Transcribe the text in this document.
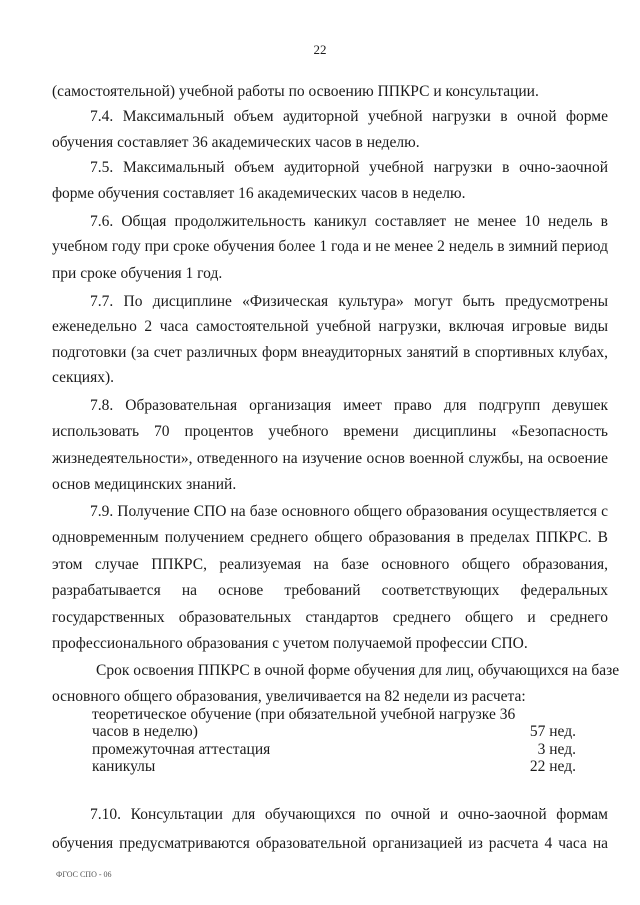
22
(самостоятельной) учебной работы по освоению ППКРС и консультации.
7.4. Максимальный объем аудиторной учебной нагрузки в очной форме
обучения составляет 36 академических часов в неделю.
7.5. Максимальный объем аудиторной учебной нагрузки в очно-заочной
форме обучения составляет 16 академических часов в неделю.
7.6. Общая продолжительность каникул составляет не менее 10 недель в
учебном году при сроке обучения более 1 года и не менее 2 недель в зимний период
при сроке обучения 1 год.
7.7. По дисциплине «Физическая культура» могут быть предусмотрены
еженедельно 2 часа самостоятельной учебной нагрузки, включая игровые виды
подготовки (за счет различных форм внеаудиторных занятий в спортивных клубах,
секциях).
7.8. Образовательная организация имеет право для подгрупп девушек
использовать 70 процентов учебного времени дисциплины «Безопасность
жизнедеятельности», отведенного на изучение основ военной службы, на освоение
основ медицинских знаний.
7.9. Получение СПО на базе основного общего образования осуществляется с
одновременным получением среднего общего образования в пределах ППКРС. В
этом случае ППКРС, реализуемая на базе основного общего образования,
разрабатывается на основе требований соответствующих федеральных
государственных образовательных стандартов среднего общего и среднего
профессионального образования с учетом получаемой профессии СПО.
Срок освоения ППКРС в очной форме обучения для лиц, обучающихся на базе
основного общего образования, увеличивается на 82 недели из расчета:
теоретическое обучение (при обязательной учебной нагрузке 36
часов в неделю)	57 нед.
промежуточная аттестация	3 нед.
каникулы	22 нед.
7.10. Консультации для обучающихся по очной и очно-заочной формам
обучения предусматриваются образовательной организацией из расчета 4 часа на
ФГОС СПО - 06
